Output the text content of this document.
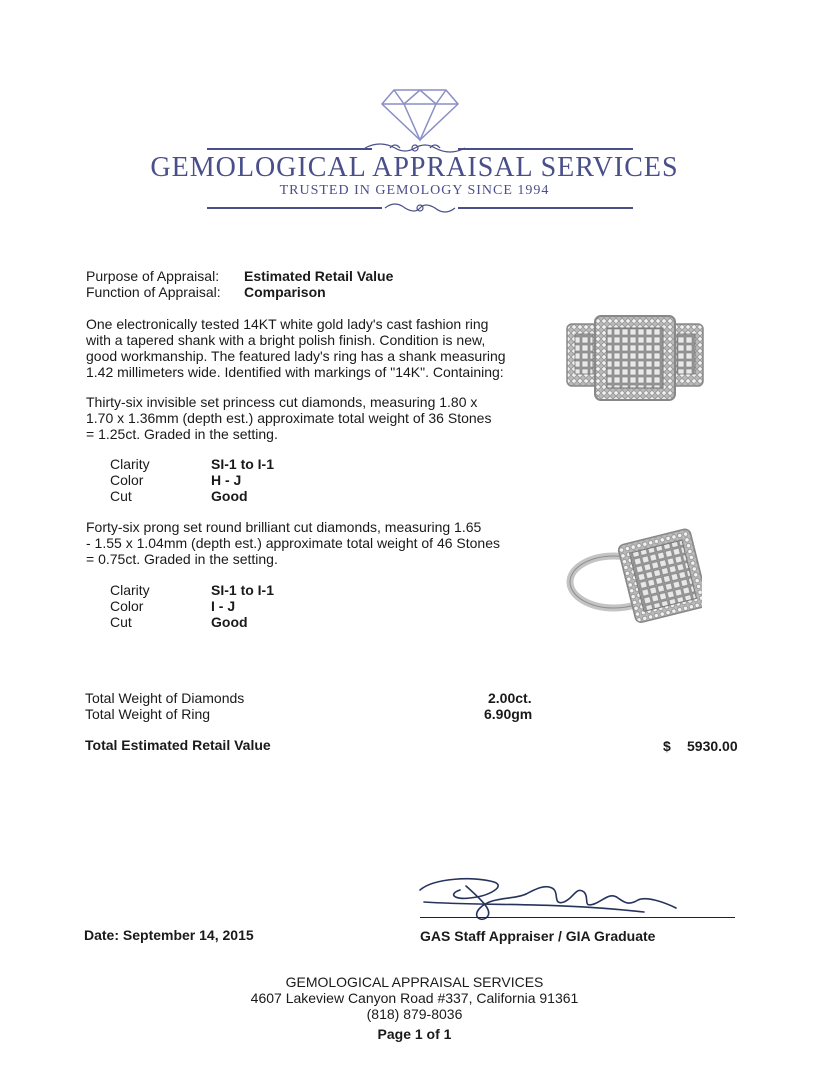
GEMOLOGICAL APPRAISAL SERVICES
TRUSTED IN GEMOLOGY SINCE 1994
Purpose of Appraisal: Estimated Retail Value
Function of Appraisal: Comparison
One electronically tested 14KT white gold lady's cast fashion ring
with a tapered shank with a bright polish finish. Condition is new,
good workmanship. The featured lady's ring has a shank measuring
1.42 millimeters wide. Identified with markings of "14K". Containing:
Thirty-six invisible set princess cut diamonds, measuring 1.80 x
1.70 x 1.36mm (depth est.) approximate total weight of 36 Stones
= 1.25ct. Graded in the setting.
Clarity	SI-1 to I-1
Color	H - J
Cut	Good
Forty-six prong set round brilliant cut diamonds, measuring 1.65
- 1.55 x 1.04mm (depth est.) approximate total weight of 46 Stones
= 0.75ct. Graded in the setting.
Clarity	SI-1 to I-1
Color	I - J
Cut	Good
Total Weight of Diamonds	2.00ct.
Total Weight of Ring	6.90gm
Total Estimated Retail Value	$ 5930.00
Date: September 14, 2015	GAS Staff Appraiser / GIA Graduate
GEMOLOGICAL APPRAISAL SERVICES
4607 Lakeview Canyon Road #337, California 91361
(818) 879-8036
Page 1 of 1
